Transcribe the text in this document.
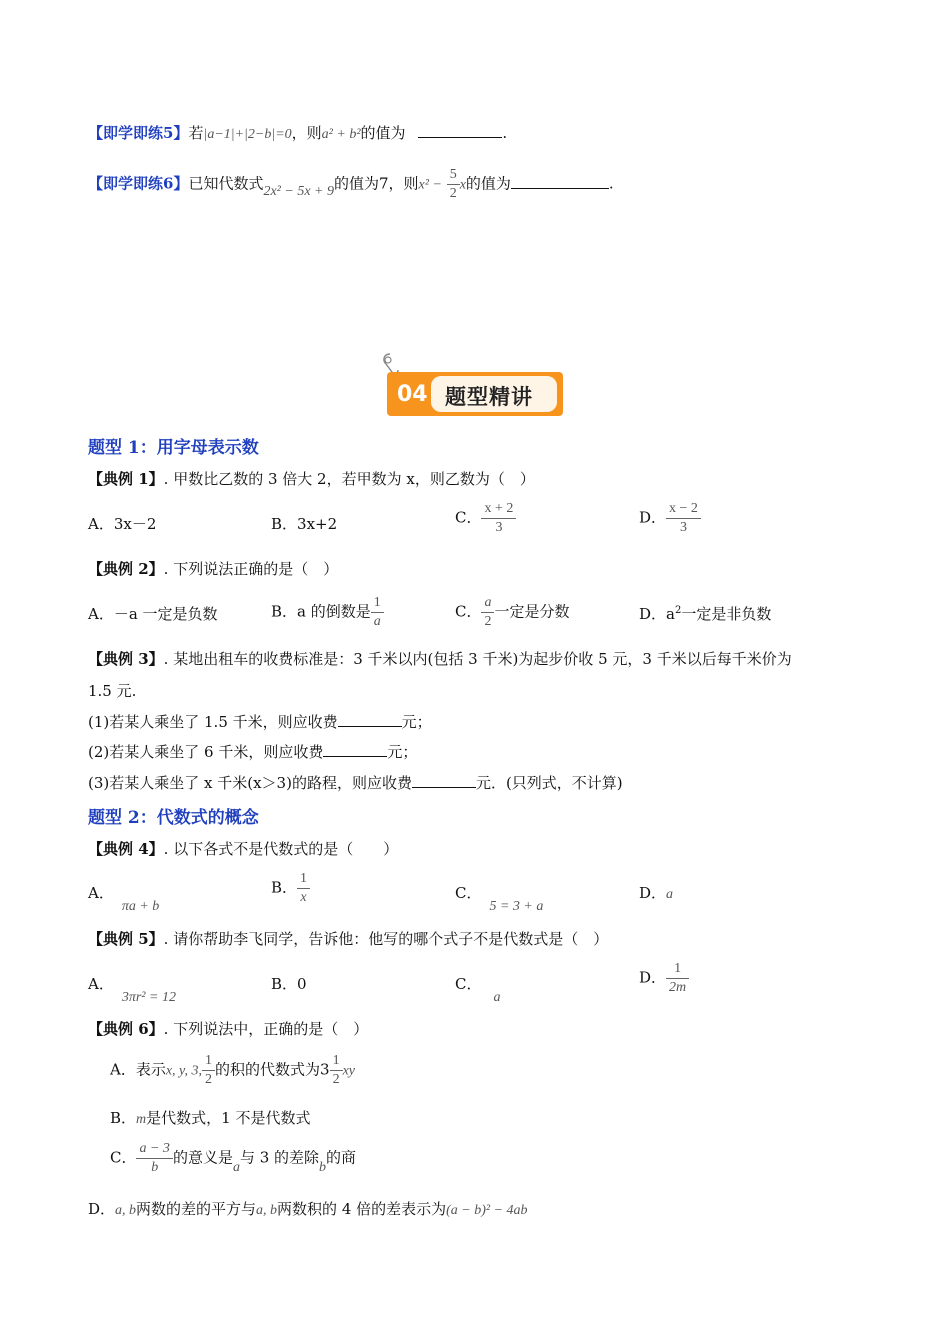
【即学即练5】若|a−1|+|2−b|=0，则a² + b²的值为	.
【即学即练6】已知代数式2x² − 5x + 9的值为7，则$x^2 - \frac{5}{2}$ x的值为	.
04 题型精讲
题型 1：用字母表示数
【典例 1】. 甲数比乙数的 3 倍大 2，若甲数为 x，则乙数为（　）
A．3x－2	B．3x+2	C． $\frac{x + 2}{3}$	D． $\frac{x - 2}{3}$
【典例 2】. 下列说法正确的是（　）
A．－a 一定是负数	B．a 的倒数是 $\frac{1}{a}$	C． $\frac{a}{2}$ 一定是分数	D．$a^2$一定是非负数
【典例 3】. 某地出租车的收费标准是：3 千米以内(包括 3 千米)为起步价收 5 元，3 千米以后每千米价为
1.5 元.
(1)若某人乘坐了 1.5 千米，则应收费	元；
(2)若某人乘坐了 6 千米，则应收费	元；
(3)若某人乘坐了 x 千米(x＞3)的路程，则应收费	元．(只列式，不计算)
题型 2：代数式的概念
【典例 4】. 以下各式不是代数式的是（　　）
A．πa + b
B． $\frac{1}{x}$	C．5 = 3 + a
D．a
【典例 5】. 请你帮助李飞同学，告诉他：他写的哪个式子不是代数式是（　）
A．3πr² = 12
B．0	C．a
D． $\frac{1}{2m}$
【典例 6】. 下列说法中，正确的是（　）
A．表示x, y, 3, $\frac{1}{2}$ 的积的代数式为$3 \frac{1}{2}$ xy
B．m是代数式，1 不是代数式
C． $\frac{a - 3}{b}$ 的意义是a与 3 的差除b的商
D．a, b两数的差的平方与a, b两数积的 4 倍的差表示为(a − b)² − 4ab
